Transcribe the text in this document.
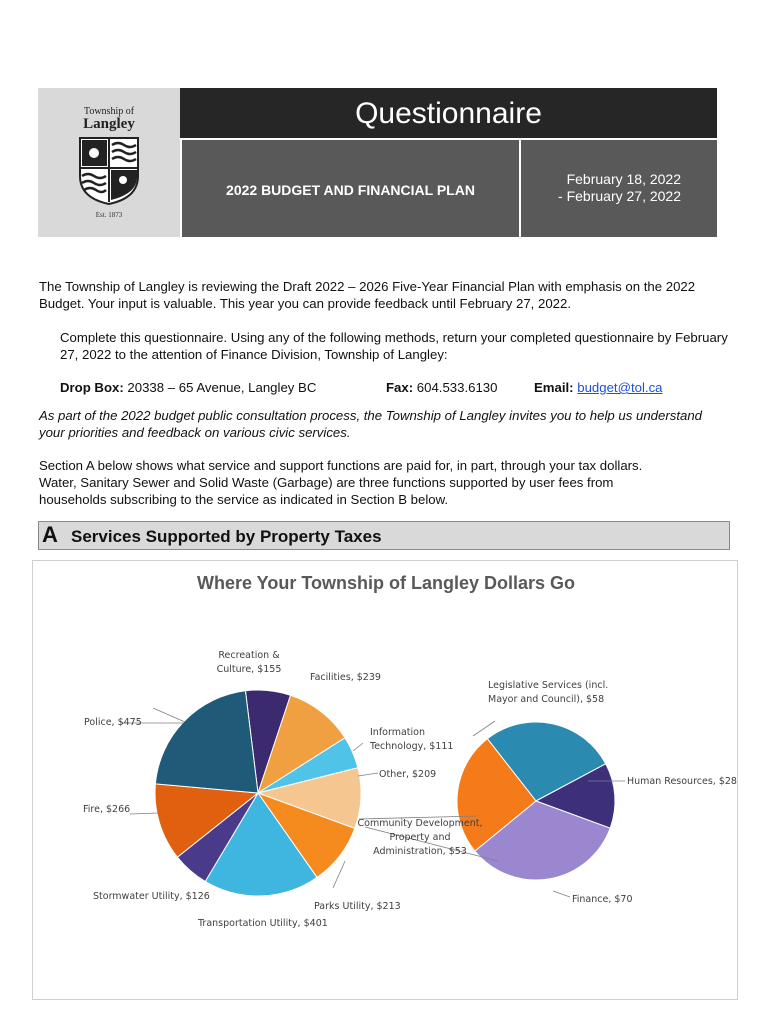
Township of
Langley
Est. 1873
Questionnaire
2022 BUDGET AND FINANCIAL PLAN
February 18, 2022
- February 27, 2022
The Township of Langley is reviewing the Draft 2022 – 2026 Five-Year Financial Plan with emphasis on the 2022 Budget. Your input is valuable. This year you can provide feedback until February 27, 2022.
Complete this questionnaire. Using any of the following methods, return your completed questionnaire by February 27, 2022 to the attention of Finance Division, Township of Langley:
Drop Box: 20338 – 65 Avenue, Langley BC	Fax: 604.533.6130	Email: budget@tol.ca
As part of the 2022 budget public consultation process, the Township of Langley invites you to help us understand your priorities and feedback on various civic services.
Section A below shows what service and support functions are paid for, in part, through your tax dollars. Water, Sanitary Sewer and Solid Waste (Garbage) are three functions supported by user fees from households subscribing to the service as indicated in Section B below.
A Services Supported by Property Taxes
Where Your Township of Langley Dollars Go
Recreation & Culture, $155
Facilities, $239
Information Technology, $111
Other, $209
Parks Utility, $213
Transportation Utility, $401
Stormwater Utility, $126
Fire, $266
Police, $475
Legislative Services (incl. Mayor and Council), $58
Human Resources, $28
Finance, $70
Community Development, Property and Administration, $53
